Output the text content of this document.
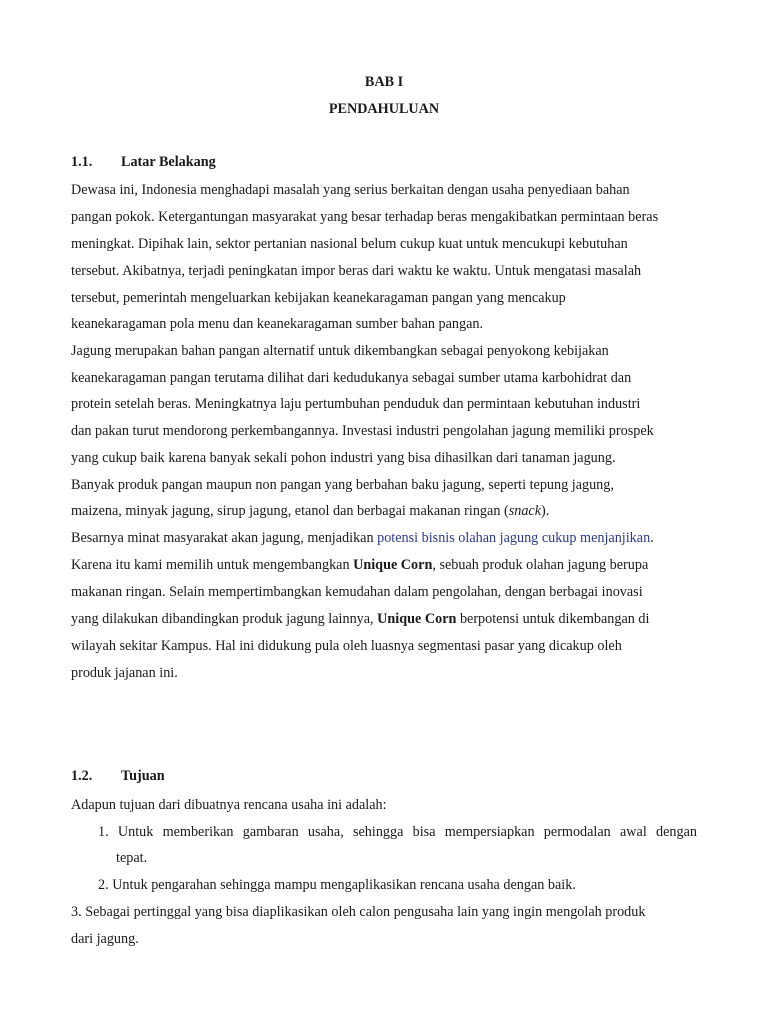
BAB I
PENDAHULUAN
1.1. Latar Belakang
Dewasa ini, Indonesia menghadapi masalah yang serius berkaitan dengan usaha penyediaan bahan
pangan pokok. Ketergantungan masyarakat yang besar terhadap beras mengakibatkan permintaan beras
meningkat. Dipihak lain, sektor pertanian nasional belum cukup kuat untuk mencukupi kebutuhan
tersebut. Akibatnya, terjadi peningkatan impor beras dari waktu ke waktu. Untuk mengatasi masalah
tersebut, pemerintah mengeluarkan kebijakan keanekaragaman pangan yang mencakup
keanekaragaman pola menu dan keanekaragaman sumber bahan pangan.
Jagung merupakan bahan pangan alternatif untuk dikembangkan sebagai penyokong kebijakan
keanekaragaman pangan terutama dilihat dari kedudukanya sebagai sumber utama karbohidrat dan
protein setelah beras. Meningkatnya laju pertumbuhan penduduk dan permintaan kebutuhan industri
dan pakan turut mendorong perkembangannya. Investasi industri pengolahan jagung memiliki prospek
yang cukup baik karena banyak sekali pohon industri yang bisa dihasilkan dari tanaman jagung.
Banyak produk pangan maupun non pangan yang berbahan baku jagung, seperti tepung jagung,
maizena, minyak jagung, sirup jagung, etanol dan berbagai makanan ringan (snack).
Besarnya minat masyarakat akan jagung, menjadikan potensi bisnis olahan jagung cukup menjanjikan.
Karena itu kami memilih untuk mengembangkan Unique Corn, sebuah produk olahan jagung berupa
makanan ringan. Selain mempertimbangkan kemudahan dalam pengolahan, dengan berbagai inovasi
yang dilakukan dibandingkan produk jagung lainnya, Unique Corn berpotensi untuk dikembangan di
wilayah sekitar Kampus. Hal ini didukung pula oleh luasnya segmentasi pasar yang dicakup oleh
produk jajanan ini.
1.2. Tujuan
Adapun tujuan dari dibuatnya rencana usaha ini adalah:
1. Untuk memberikan gambaran usaha, sehingga bisa mempersiapkan permodalan awal dengan
tepat.
2. Untuk pengarahan sehingga mampu mengaplikasikan rencana usaha dengan baik.
3. Sebagai pertinggal yang bisa diaplikasikan oleh calon pengusaha lain yang ingin mengolah produk
dari jagung.
